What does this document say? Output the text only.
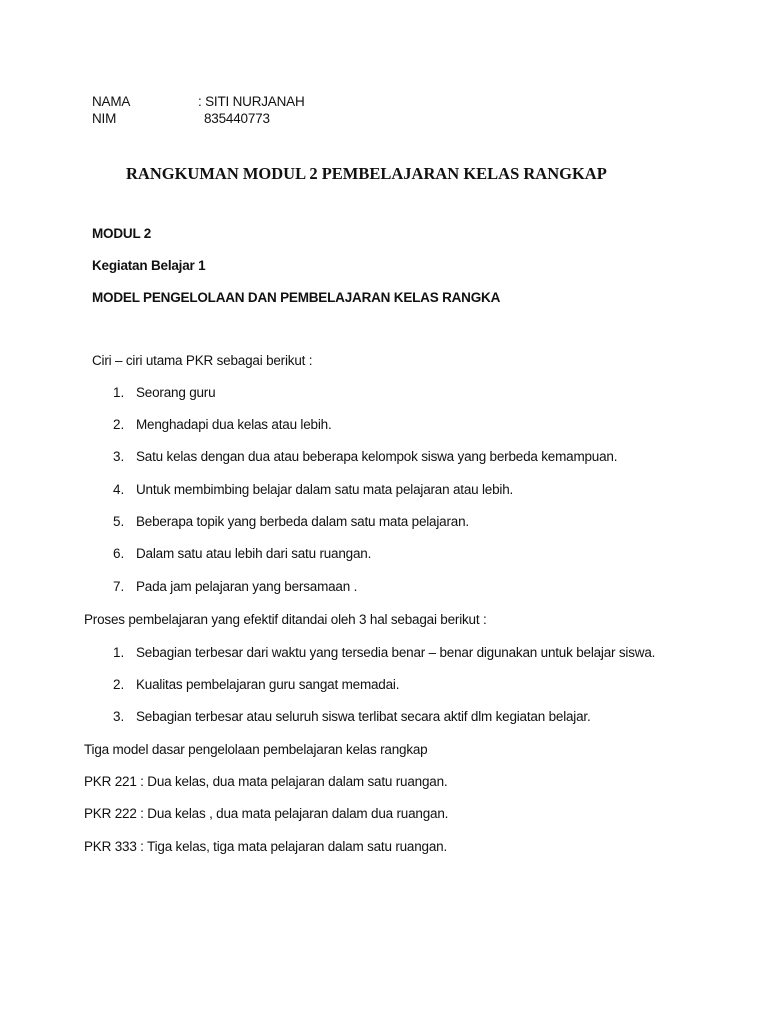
NAMA	: SITI NURJANAH
NIM	835440773
RANGKUMAN MODUL 2 PEMBELAJARAN KELAS RANGKAP
MODUL 2
Kegiatan Belajar 1
MODEL PENGELOLAAN DAN PEMBELAJARAN KELAS RANGKA
Ciri – ciri utama PKR sebagai berikut :
1. Seorang guru
2. Menghadapi dua kelas atau lebih.
3. Satu kelas dengan dua atau beberapa kelompok siswa yang berbeda kemampuan.
4. Untuk membimbing belajar dalam satu mata pelajaran atau lebih.
5. Beberapa topik yang berbeda dalam satu mata pelajaran.
6. Dalam satu atau lebih dari satu ruangan.
7. Pada jam pelajaran yang bersamaan .
Proses pembelajaran yang efektif ditandai oleh 3 hal sebagai berikut :
1. Sebagian terbesar dari waktu yang tersedia benar – benar digunakan untuk belajar siswa.
2. Kualitas pembelajaran guru sangat memadai.
3. Sebagian terbesar atau seluruh siswa terlibat secara aktif dlm kegiatan belajar.
Tiga model dasar pengelolaan pembelajaran kelas rangkap
PKR 221 : Dua kelas, dua mata pelajaran dalam satu ruangan.
PKR 222 : Dua kelas , dua mata pelajaran dalam dua ruangan.
PKR 333 : Tiga kelas, tiga mata pelajaran dalam satu ruangan.
